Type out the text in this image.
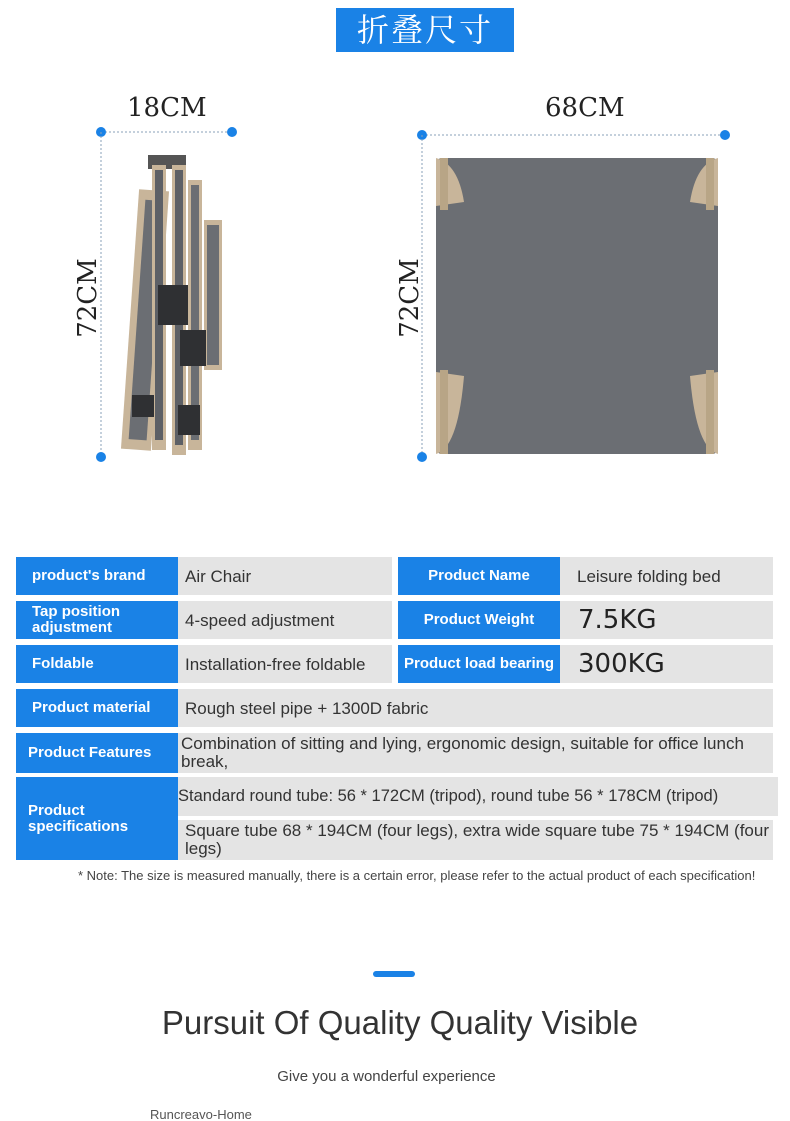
折叠尺寸
18CM
72CM
68CM
72CM
product's brand	Air Chair	Product Name	Leisure folding bed
Tap position adjustment	4-speed adjustment	Product Weight	7.5KG
Foldable	Installation-free foldable	Product load bearing 300KG
Product material	Rough steel pipe + 1300D fabric
Product Features	Combination of sitting and lying, ergonomic design, suitable for office lunch break,
Product specifications
Standard round tube: 56 * 172CM (tripod), round tube 56 * 178CM (tripod)
Square tube 68 * 194CM (four legs), extra wide square tube 75 * 194CM (four legs)
* Note: The size is measured manually, there is a certain error, please refer to the actual product of each specification!
Pursuit Of Quality Quality Visible
Give you a wonderful experience
Runcreavo-Home
